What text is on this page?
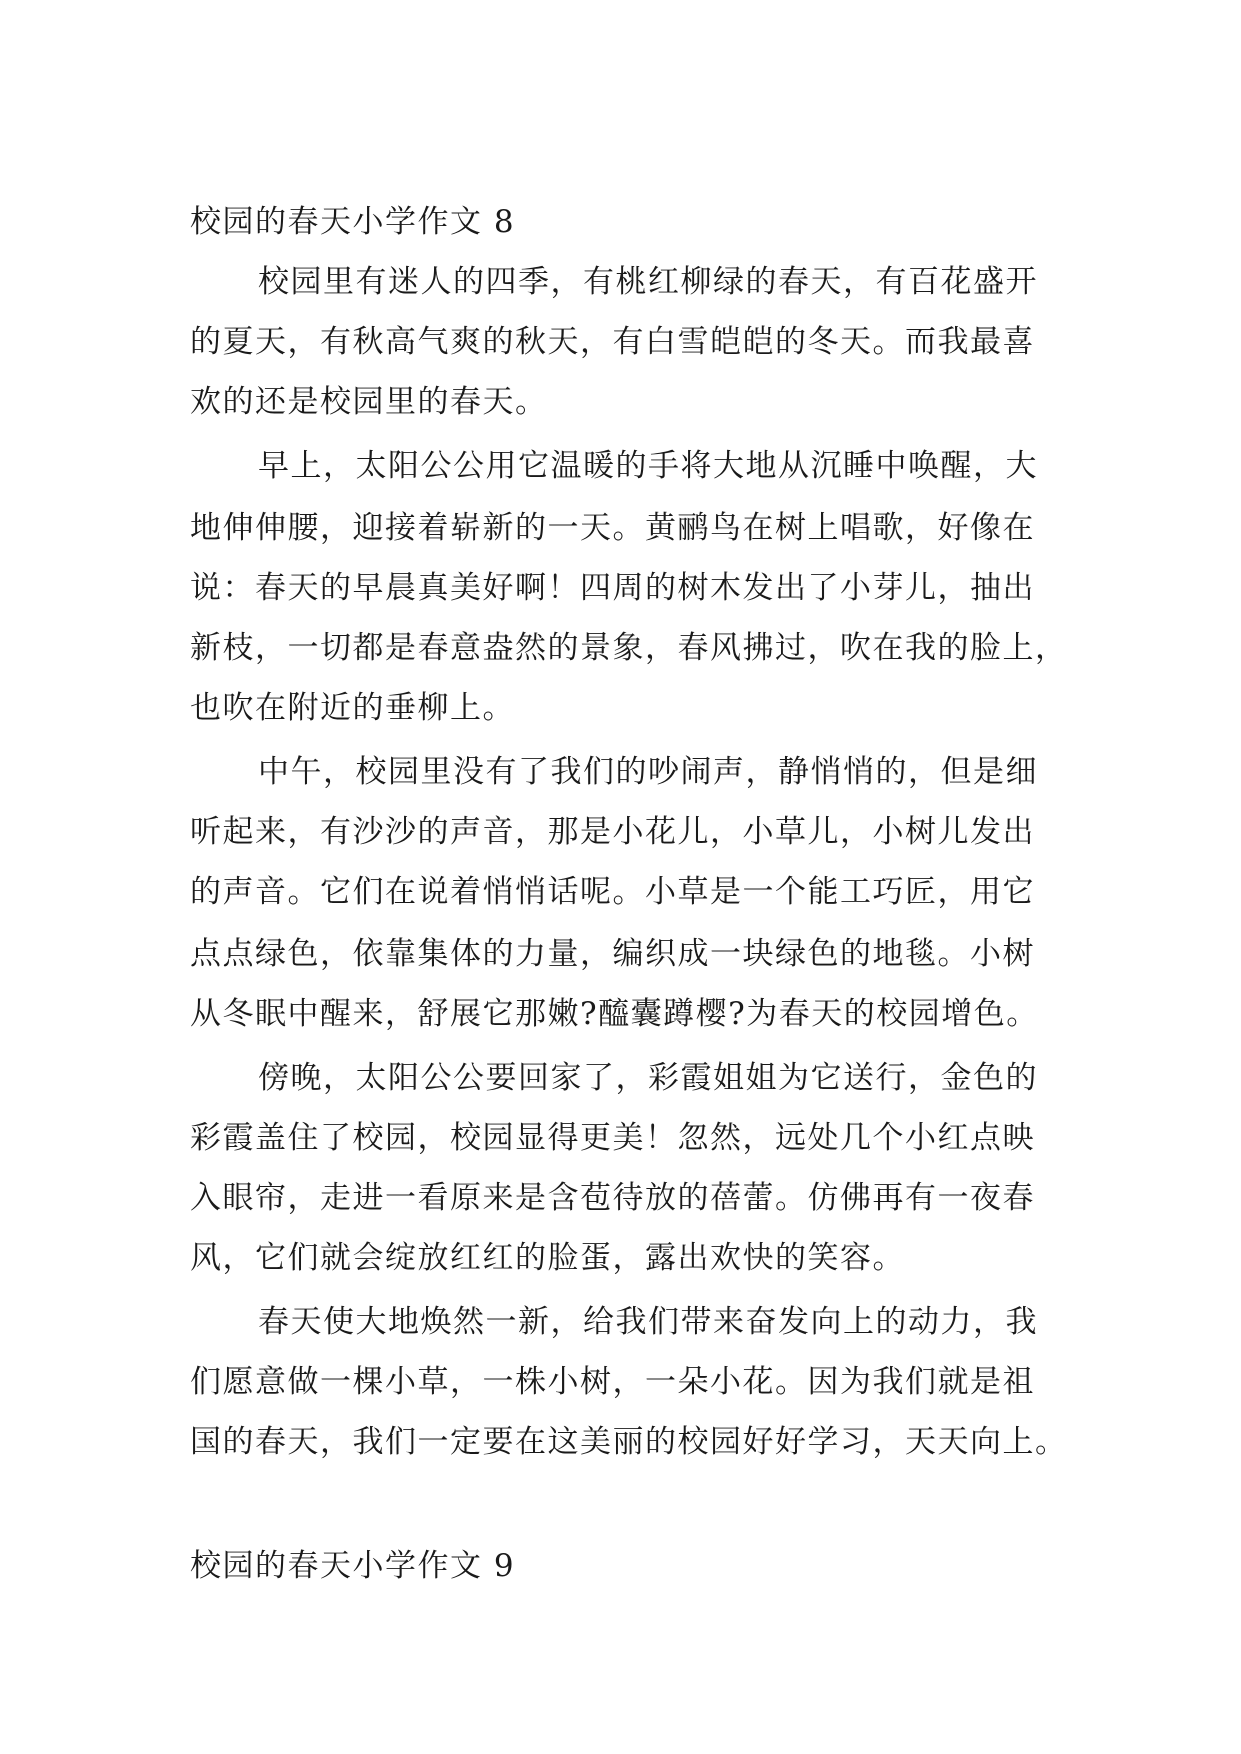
校园的春天小学作文 8
校园里有迷人的四季，有桃红柳绿的春天，有百花盛开
的夏天，有秋高气爽的秋天，有白雪皑皑的冬天。而我最喜
欢的还是校园里的春天。
早上，太阳公公用它温暖的手将大地从沉睡中唤醒，大
地伸伸腰，迎接着崭新的一天。黄鹂鸟在树上唱歌，好像在
说：春天的早晨真美好啊！四周的树木发出了小芽儿，抽出
新枝，一切都是春意盎然的景象，春风拂过，吹在我的脸上，
也吹在附近的垂柳上。
中午，校园里没有了我们的吵闹声，静悄悄的，但是细
听起来，有沙沙的声音，那是小花儿，小草儿，小树儿发出
的声音。它们在说着悄悄话呢。小草是一个能工巧匠，用它
点点绿色，依靠集体的力量，编织成一块绿色的地毯。小树
从冬眠中醒来，舒展它那嫩?醯囊蹲樱?为春天的校园增色。
傍晚，太阳公公要回家了，彩霞姐姐为它送行，金色的
彩霞盖住了校园，校园显得更美！忽然，远处几个小红点映
入眼帘，走进一看原来是含苞待放的蓓蕾。仿佛再有一夜春
风，它们就会绽放红红的脸蛋，露出欢快的笑容。
春天使大地焕然一新，给我们带来奋发向上的动力，我
们愿意做一棵小草，一株小树，一朵小花。因为我们就是祖
国的春天，我们一定要在这美丽的校园好好学习，天天向上。
校园的春天小学作文 9
